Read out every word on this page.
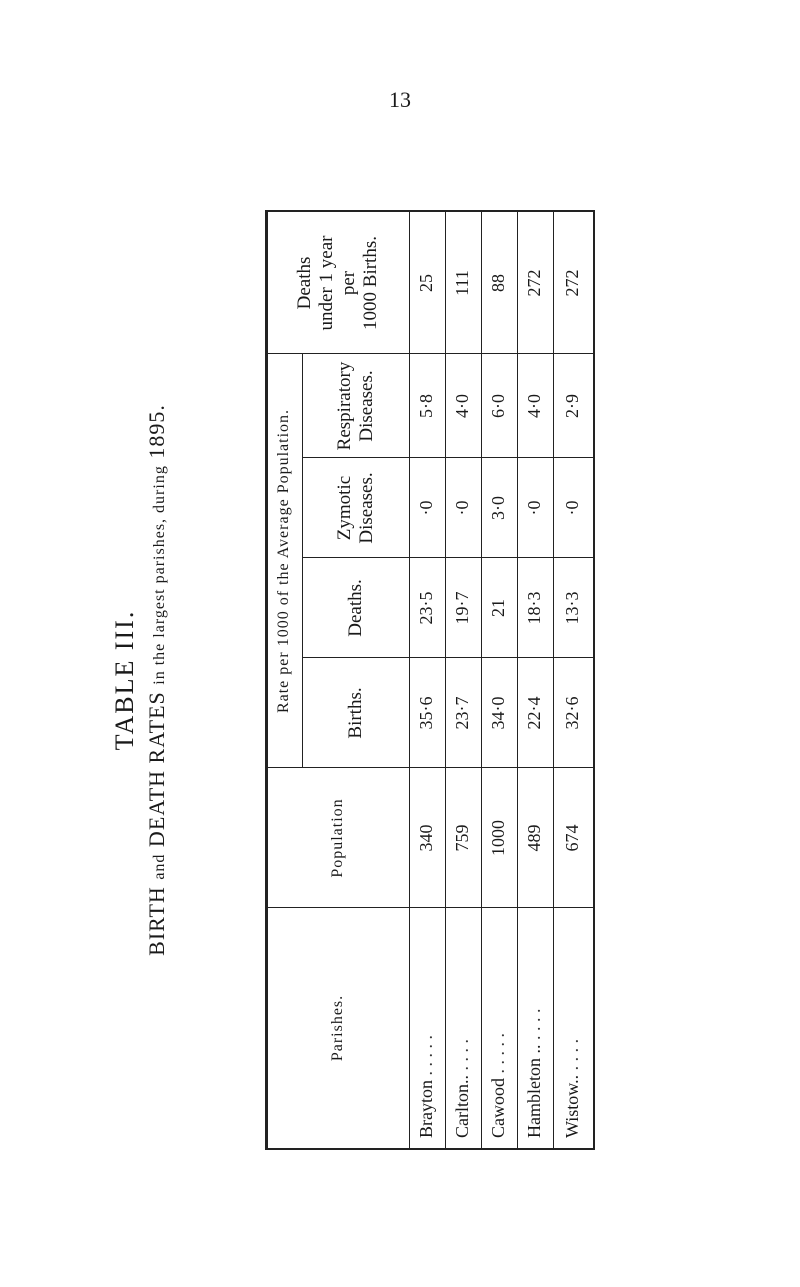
13
TABLE III.
BIRTH and DEATH RATES in the largest parishes, during 1895.
Parishes.
Population
Rate per 1000 of the Average Population.	Births.
Deaths.
Zymotic Diseases.
Respiratory Diseases.
Deaths under 1 year per 1000 Births.
Brayton

. . . . .
340
35·6
23·5
·0
5·8
25
Carlton..

. . . .
759
23·7
19·7
·0
4·0
111
Cawood

. . . . .
1000
34·0
21
3·0
6·0
88
Hambleton ..

. . . .
489
22·4
18·3
·0
4·0
272
Wistow..

. . . .
674
32·6
13·3
·0
2·9
272
